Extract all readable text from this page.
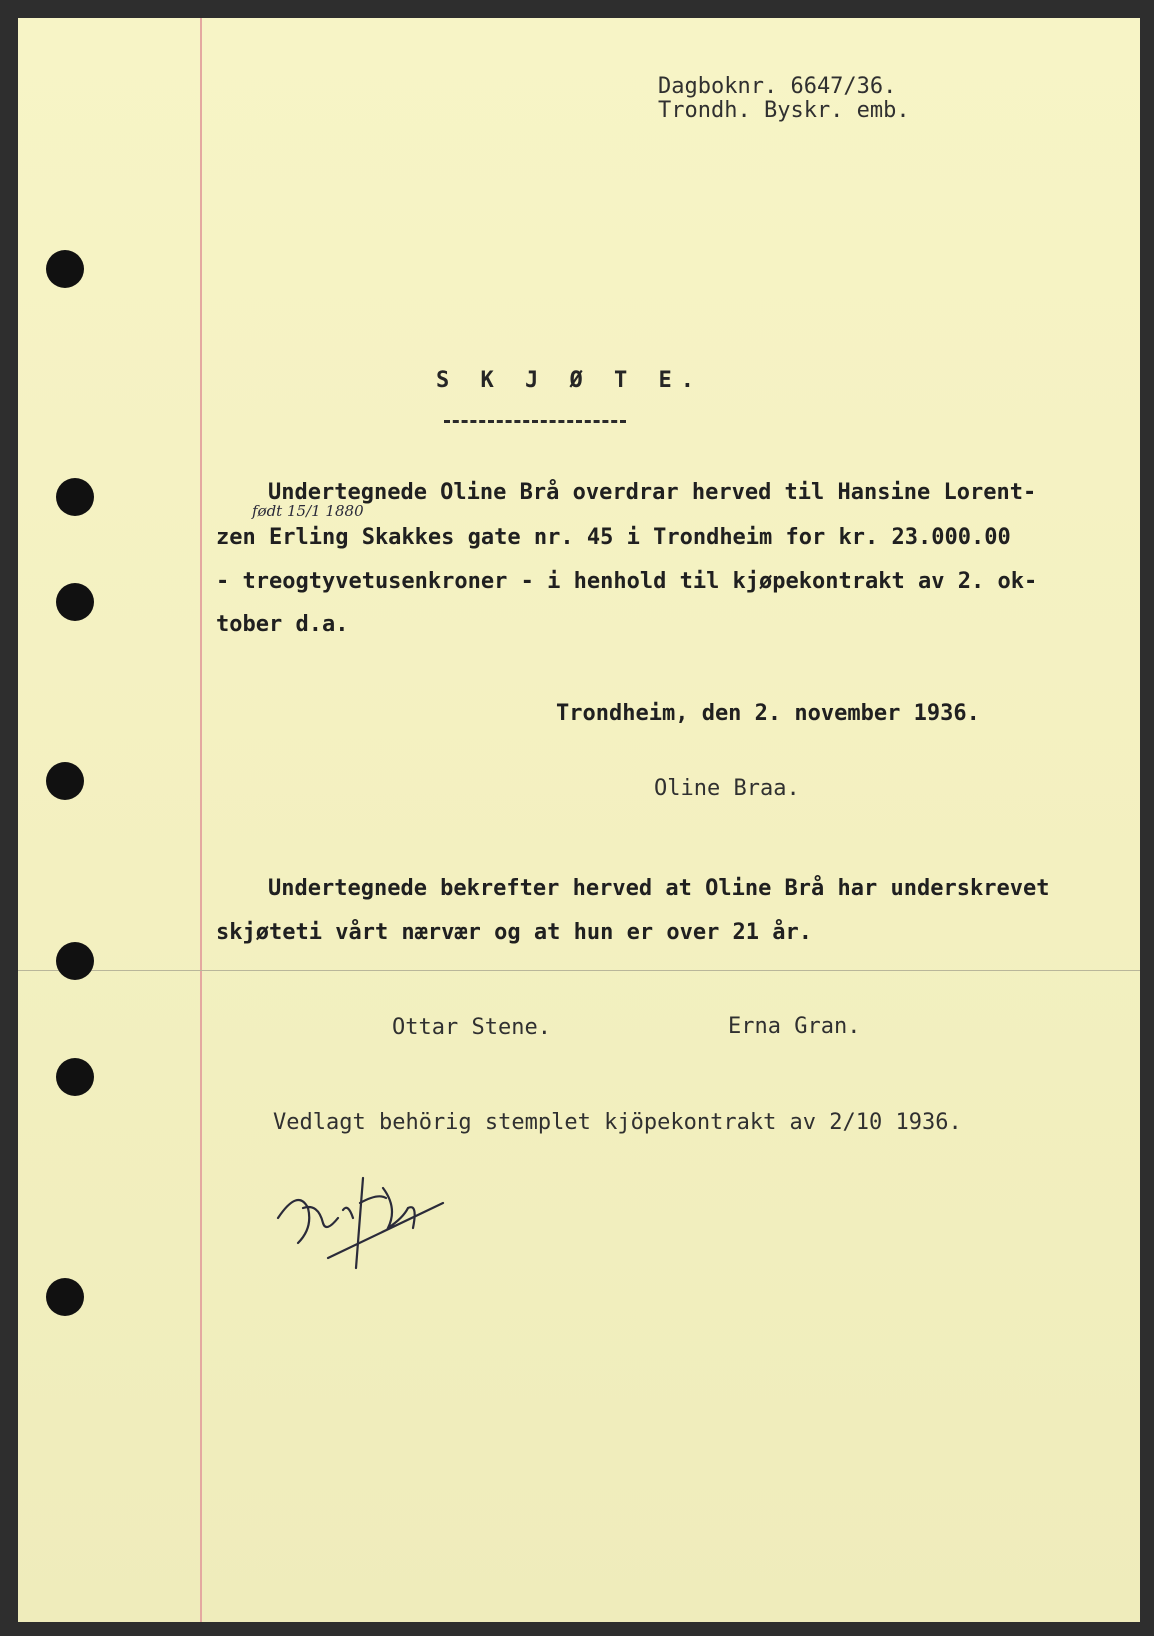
Dagboknr. 6647/36.
Trondh. Byskr. emb.
S K J Ø T E.
Undertegnede Oline Brå overdrar herved til Hansine Lorent-
født 15/1 1880
zen Erling Skakkes gate nr. 45 i Trondheim for kr. 23.000.00
- treogtyvetusenkroner - i henhold til kjøpekontrakt av 2. ok-
tober d.a.
Trondheim, den 2. november 1936.
Oline Braa.
Undertegnede bekrefter herved at Oline Brå har underskrevet
skjøteti vårt nærvær og at hun er over 21 år.
Ottar Stene.	Erna Gran.
Vedlagt behörig stemplet kjöpekontrakt av 2/10 1936.
